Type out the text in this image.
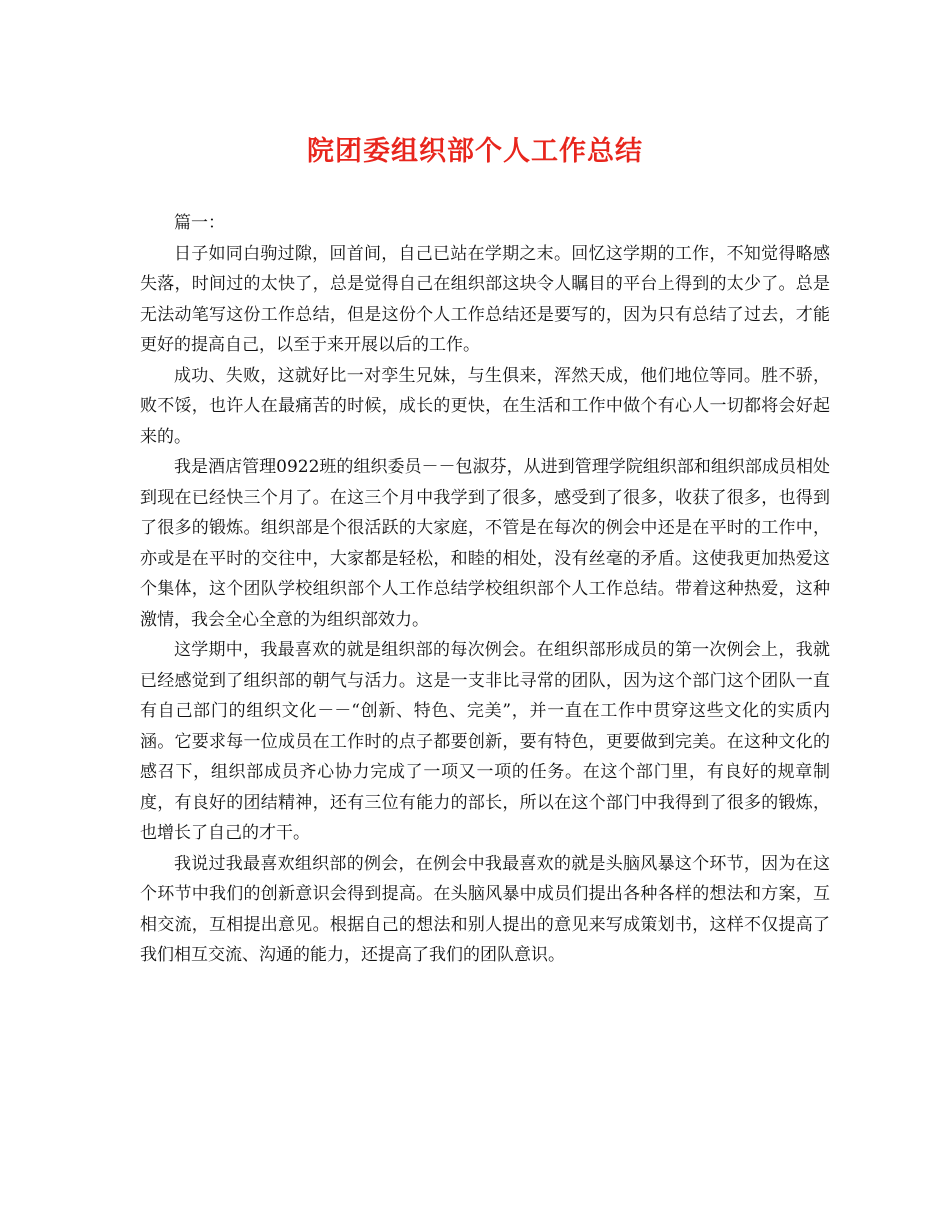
院团委组织部个人工作总结

篇一：

日子如同白驹过隙，回首间，自己已站在学期之末。回忆这学期的工作，不知觉得略感失落，时间过的太快了，总是觉得自己在组织部这块令人瞩目的平台上得到的太少了。总是无法动笔写这份工作总结，但是这份个人工作总结还是要写的，因为只有总结了过去，才能更好的提高自己，以至于来开展以后的工作。

成功、失败，这就好比一对孪生兄妹，与生俱来，浑然天成，他们地位等同。胜不骄，败不馁，也许人在最痛苦的时候，成长的更快，在生活和工作中做个有心人一切都将会好起来的。

我是酒店管理0922班的组织委员－－包淑芬，从进到管理学院组织部和组织部成员相处到现在已经快三个月了。在这三个月中我学到了很多，感受到了很多，收获了很多，也得到了很多的锻炼。组织部是个很活跃的大家庭，不管是在每次的例会中还是在平时的工作中，亦或是在平时的交往中，大家都是轻松，和睦的相处，没有丝毫的矛盾。这使我更加热爱这个集体，这个团队学校组织部个人工作总结学校组织部个人工作总结。带着这种热爱，这种激情，我会全心全意的为组织部效力。

这学期中，我最喜欢的就是组织部的每次例会。在组织部形成员的第一次例会上，我就已经感觉到了组织部的朝气与活力。这是一支非比寻常的团队，因为这个部门这个团队一直有自己部门的组织文化－－“创新、特色、完美”，并一直在工作中贯穿这些文化的实质内涵。它要求每一位成员在工作时的点子都要创新，要有特色，更要做到完美。在这种文化的感召下，组织部成员齐心协力完成了一项又一项的任务。在这个部门里，有良好的规章制度，有良好的团结精神，还有三位有能力的部长，所以在这个部门中我得到了很多的锻炼，也增长了自己的才干。

我说过我最喜欢组织部的例会，在例会中我最喜欢的就是头脑风暴这个环节，因为在这个环节中我们的创新意识会得到提高。在头脑风暴中成员们提出各种各样的想法和方案，互相交流，互相提出意见。根据自己的想法和别人提出的意见来写成策划书，这样不仅提高了我们相互交流、沟通的能力，还提高了我们的团队意识。
